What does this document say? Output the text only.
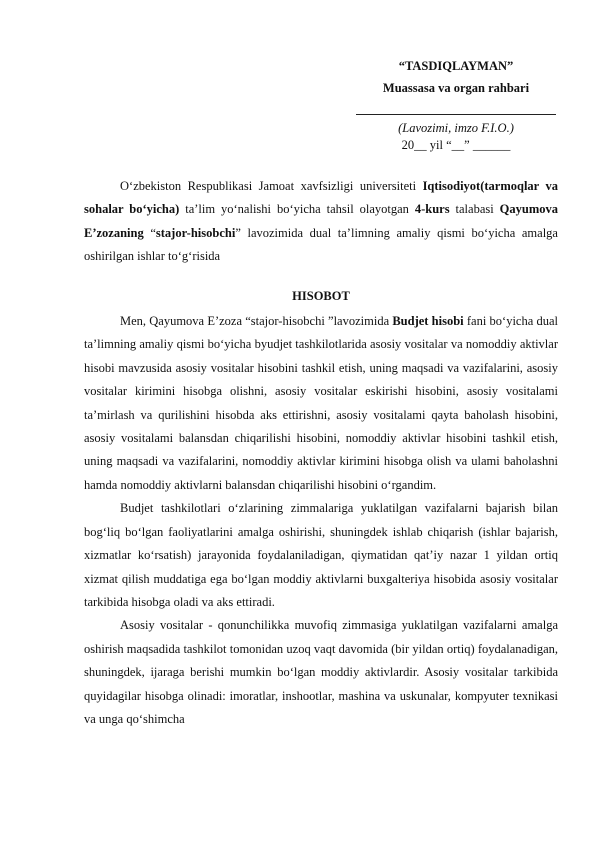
“TASDIQLAYMAN”
Muassasa va organ rahbari
(Lavozimi, imzo F.I.O.)
20__ yil “__” ______

O‘zbekiston Respublikasi Jamoat xavfsizligi universiteti Iqtisodiyot(tarmoqlar va sohalar bo‘yicha) ta’lim yo‘nalishi bo‘yicha tahsil olayotgan 4-kurs talabasi Qayumova E’zozaning “stajor-hisobchi” lavozimida dual ta’limning amaliy qismi bo‘yicha amalga oshirilgan ishlar to‘g‘risida

HISOBOT

Men, Qayumova E’zoza “stajor-hisobchi ”lavozimida Budjet hisobi fani bo‘yicha dual ta’limning amaliy qismi bo‘yicha byudjet tashkilotlarida asosiy vositalar va nomoddiy aktivlar hisobi mavzusida asosiy vositalar hisobini tashkil etish, uning maqsadi va vazifalarini, asosiy vositalar kirimini hisobga olishni, asosiy vositalar eskirishi hisobini, asosiy vositalami ta’mirlash va qurilishini hisobda aks ettirishni, asosiy vositalami qayta baholash hisobini, asosiy vositalami balansdan chiqarilishi hisobini, nomoddiy aktivlar hisobini tashkil etish, uning maqsadi va vazifalarini, nomoddiy aktivlar kirimini hisobga olish va ulami baholashni hamda nomoddiy aktivlarni balansdan chiqarilishi hisobini o‘rgandim.

Budjet tashkilotlari o‘zlarining zimmalariga yuklatilgan vazifalarni bajarish bilan bog‘liq bo‘lgan faoliyatlarini amalga oshirishi, shuningdek ishlab chiqarish (ishlar bajarish, xizmatlar ko‘rsatish) jarayonida foydalaniladigan, qiymatidan qat’iy nazar 1 yildan ortiq xizmat qilish muddatiga ega bo‘lgan moddiy aktivlarni buxgalteriya hisobida asosiy vositalar tarkibida hisobga oladi va aks ettiradi.

Asosiy vositalar - qonunchilikka muvofiq zimmasiga yuklatilgan vazifalarni amalga oshirish maqsadida tashkilot tomonidan uzoq vaqt davomida (bir yildan ortiq) foydalanadigan, shuningdek, ijaraga berishi mumkin bo‘lgan moddiy aktivlardir. Asosiy vositalar tarkibida quyidagilar hisobga olinadi: imoratlar, inshootlar, mashina va uskunalar, kompyuter texnikasi va unga qo‘shimcha
